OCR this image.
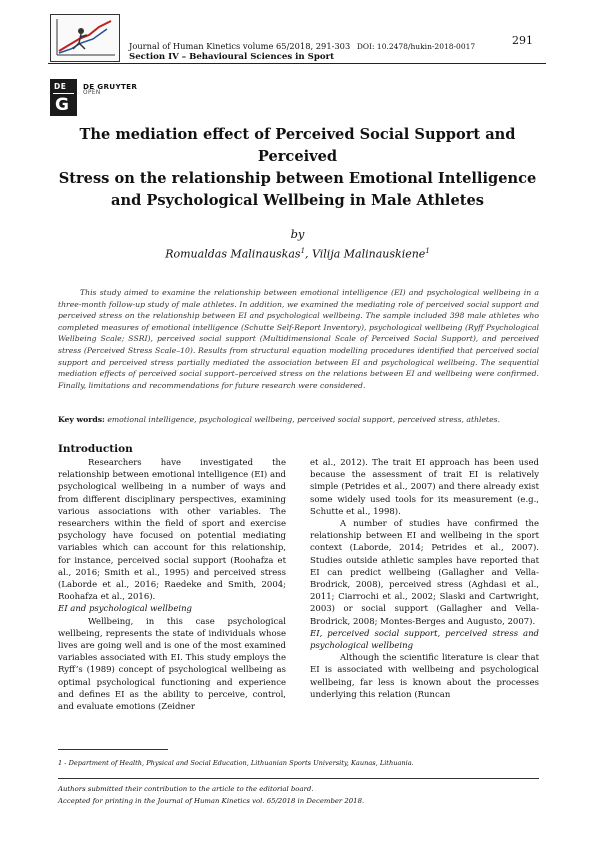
Journal of Human Kinetics volume 65/2018, 291-303 DOI: 10.2478/hukin-2018-0017
Section IV – Behavioural Sciences in Sport
291
DE
G
DE GRUYTER
OPEN
The mediation effect of Perceived Social Support and Perceived
Stress on the relationship between Emotional Intelligence
and Psychological Wellbeing in Male Athletes
by
Romualdas Malinauskas$^1$, Vilija Malinauskiene$^1$
This study aimed to examine the relationship between emotional intelligence (EI) and psychological wellbeing in a three-month follow-up study of male athletes. In addition, we examined the mediating role of perceived social support and perceived stress on the relationship between EI and psychological wellbeing. The sample included 398 male athletes who completed measures of emotional intelligence (Schutte Self-Report Inventory), psychological wellbeing (Ryff Psychological Wellbeing Scale; SSRI), perceived social support (Multidimensional Scale of Perceived Social Support), and perceived stress (Perceived Stress Scale–10). Results from structural equation modelling procedures identified that perceived social support and perceived stress partially mediated the association between EI and psychological wellbeing. The sequential mediation effects of perceived social support–perceived stress on the relations between EI and wellbeing were confirmed. Finally, limitations and recommendations for future research were considered.
Key words: emotional intelligence, psychological wellbeing, perceived social support, perceived stress, athletes.
Introduction

Researchers have investigated the relationship between emotional intelligence (EI) and psychological wellbeing in a number of ways and from different disciplinary perspectives, examining various associations with other variables. The researchers within the field of sport and exercise psychology have focused on potential mediating variables which can account for this relationship, for instance, perceived social support (Roohafza et al., 2016; Smith et al., 1995) and perceived stress (Laborde et al., 2016; Raedeke and Smith, 2004; Roohafza et al., 2016).

EI and psychological wellbeing

Wellbeing, in this case psychological wellbeing, represents the state of individuals whose lives are going well and is one of the most examined variables associated with EI. This study employs the Ryff’s (1989) concept of psychological wellbeing as optimal psychological functioning and experience and defines EI as the ability to perceive, control, and evaluate emotions (Zeidner

et al., 2012). The trait EI approach has been used because the assessment of trait EI is relatively simple (Petrides et al., 2007) and there already exist some widely used tools for its measurement (e.g., Schutte et al., 1998).

A number of studies have confirmed the relationship between EI and wellbeing in the sport context (Laborde, 2014; Petrides et al., 2007). Studies outside athletic samples have reported that EI can predict wellbeing (Gallagher and Vella-Brodrick, 2008), perceived stress (Aghdasi et al., 2011; Ciarrochi et al., 2002; Slaski and Cartwright, 2003) or social support (Gallagher and Vella-Brodrick, 2008; Montes-Berges and Augusto, 2007).

EI, perceived social support, perceived stress and psychological wellbeing

Although the scientific literature is clear that EI is associated with wellbeing and psychological wellbeing, far less is known about the processes underlying this relation (Runcan

1 - Department of Health, Physical and Social Education, Lithuanian Sports University, Kaunas, Lithuania.
Authors submitted their contribution to the article to the editorial board.
Accepted for printing in the Journal of Human Kinetics vol. 65/2018 in December 2018.
